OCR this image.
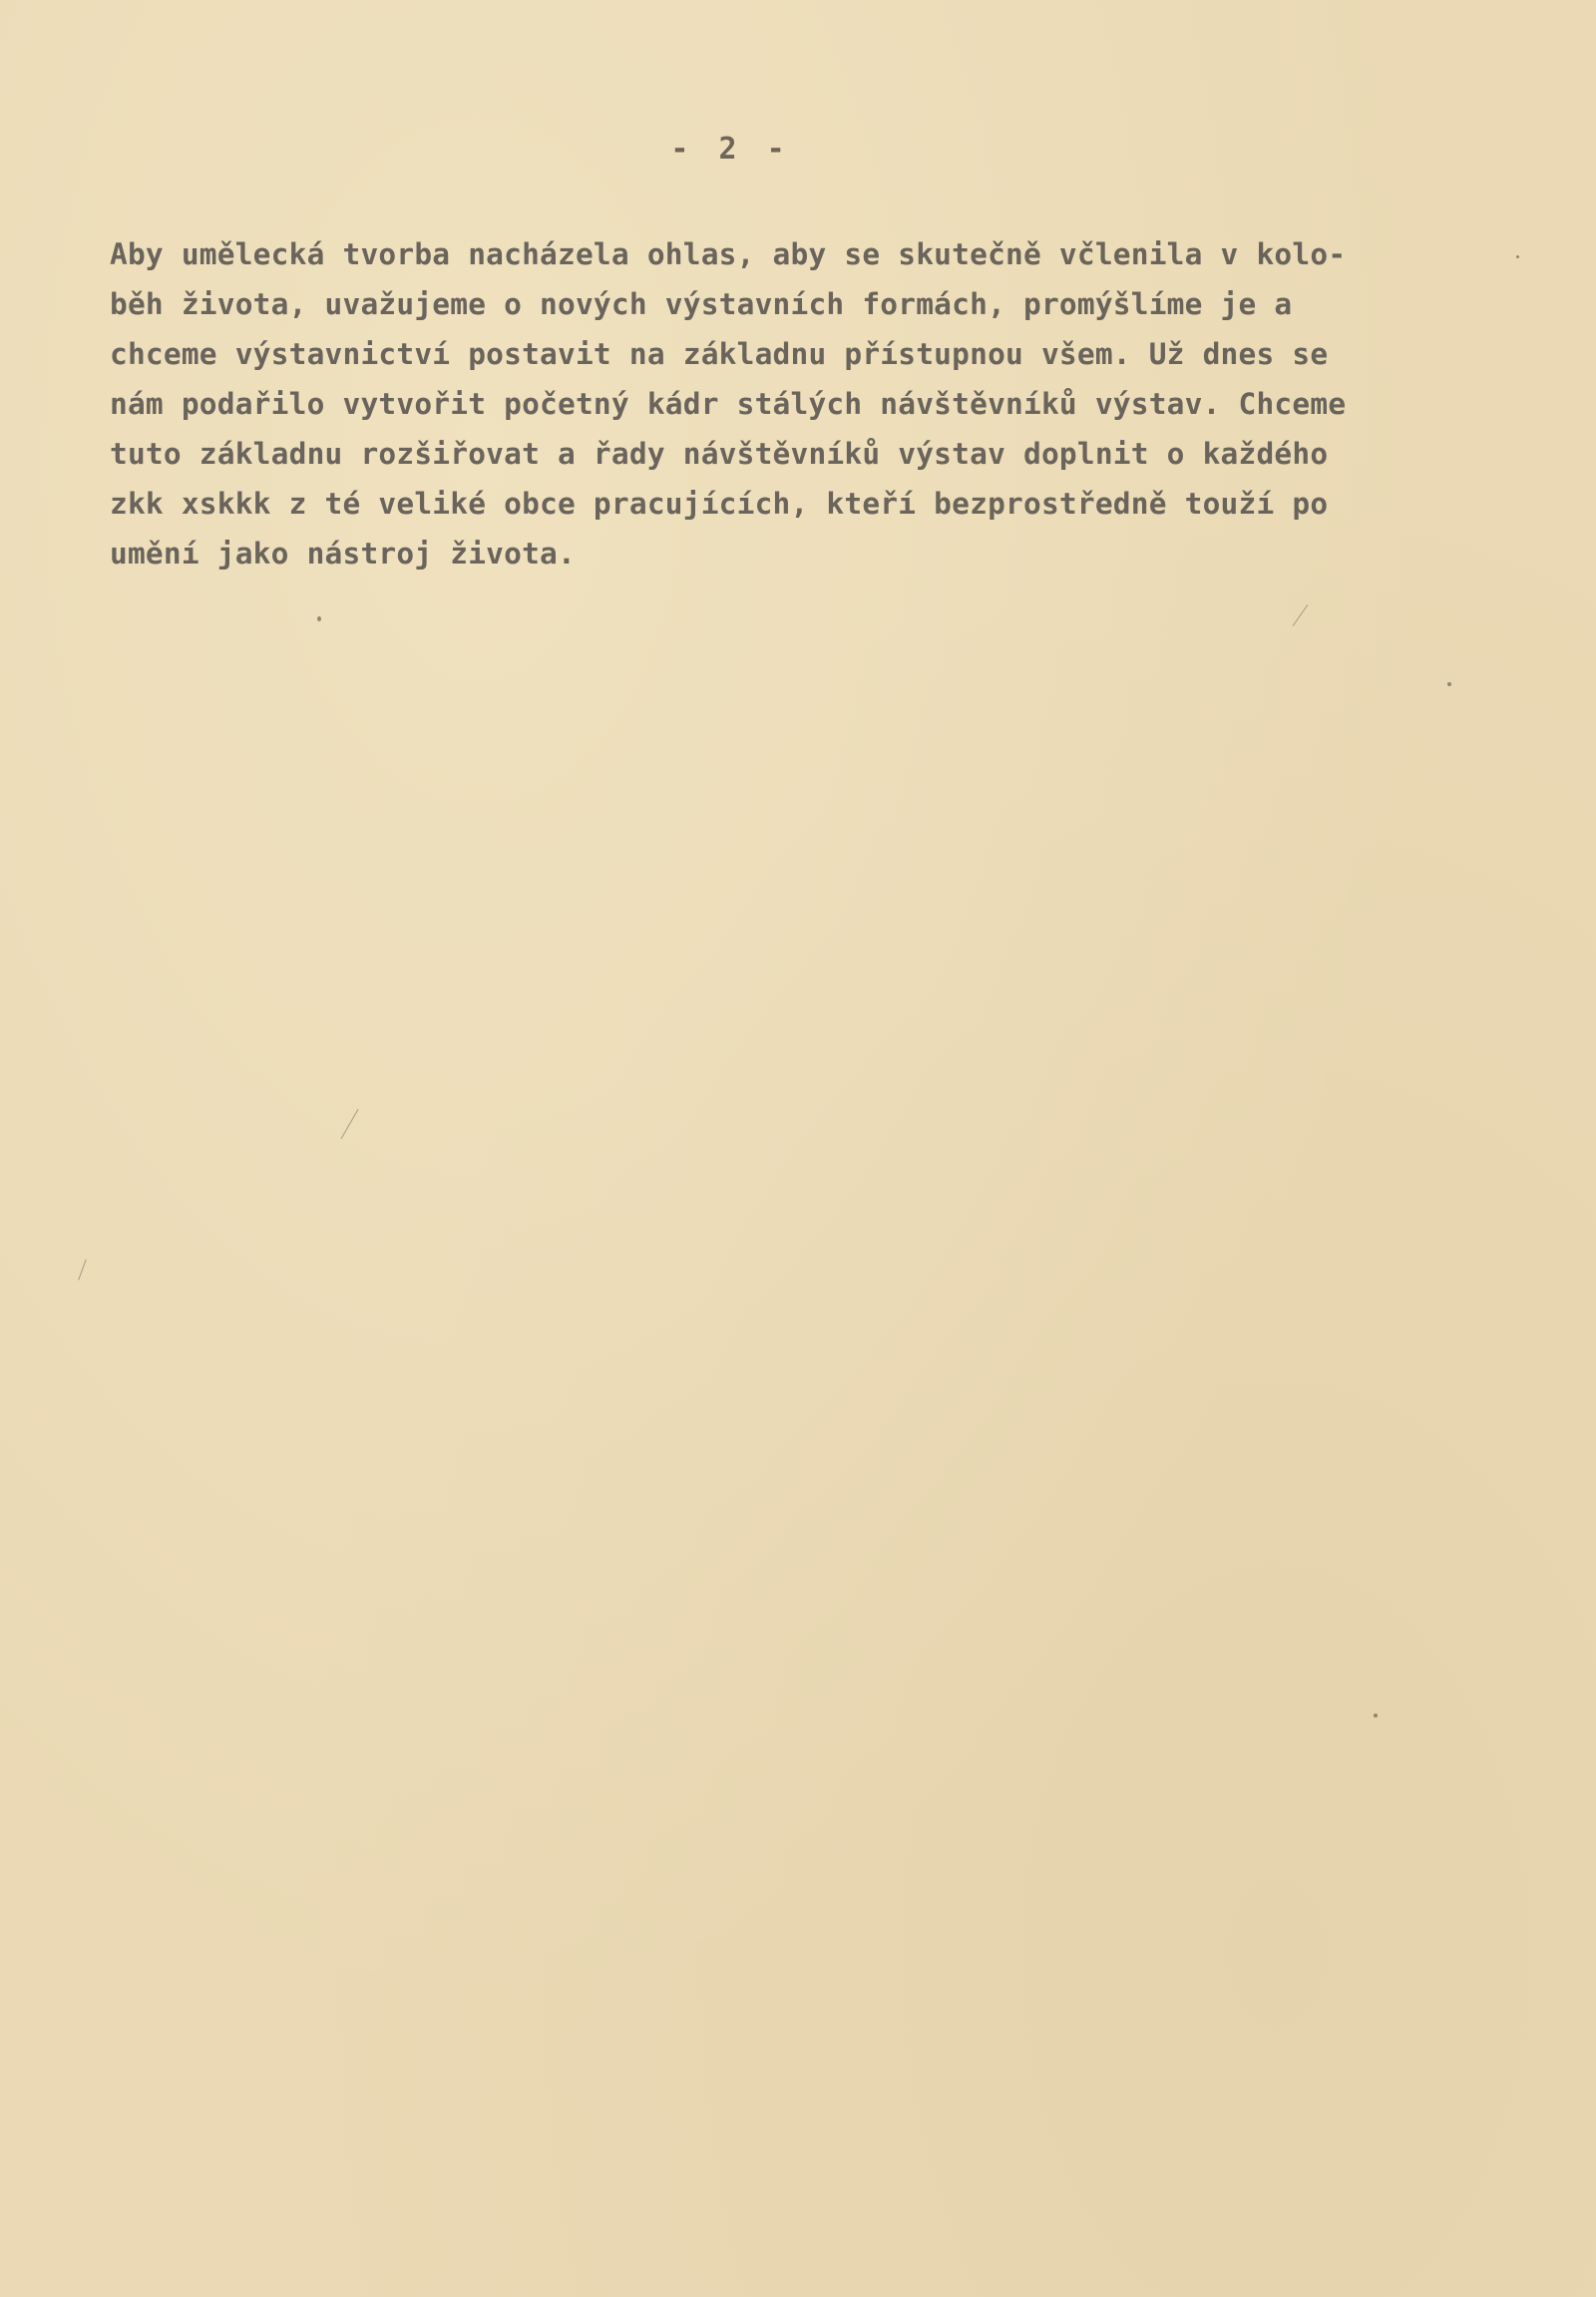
- 2 -
Aby umělecká tvorba nacházela ohlas, aby se skutečně včlenila v kolo-
běh života, uvažujeme o nových výstavních formách, promýšlíme je a
chceme výstavnictví postavit na základnu přístupnou všem. Už dnes se
nám podařilo vytvořit početný kádr stálých návštěvníků výstav. Chceme
tuto základnu rozšiřovat a řady návštěvníků výstav doplnit o každého
zkk xskkk z té veliké obce pracujících, kteří bezprostředně touží po
umění jako nástroj života.
